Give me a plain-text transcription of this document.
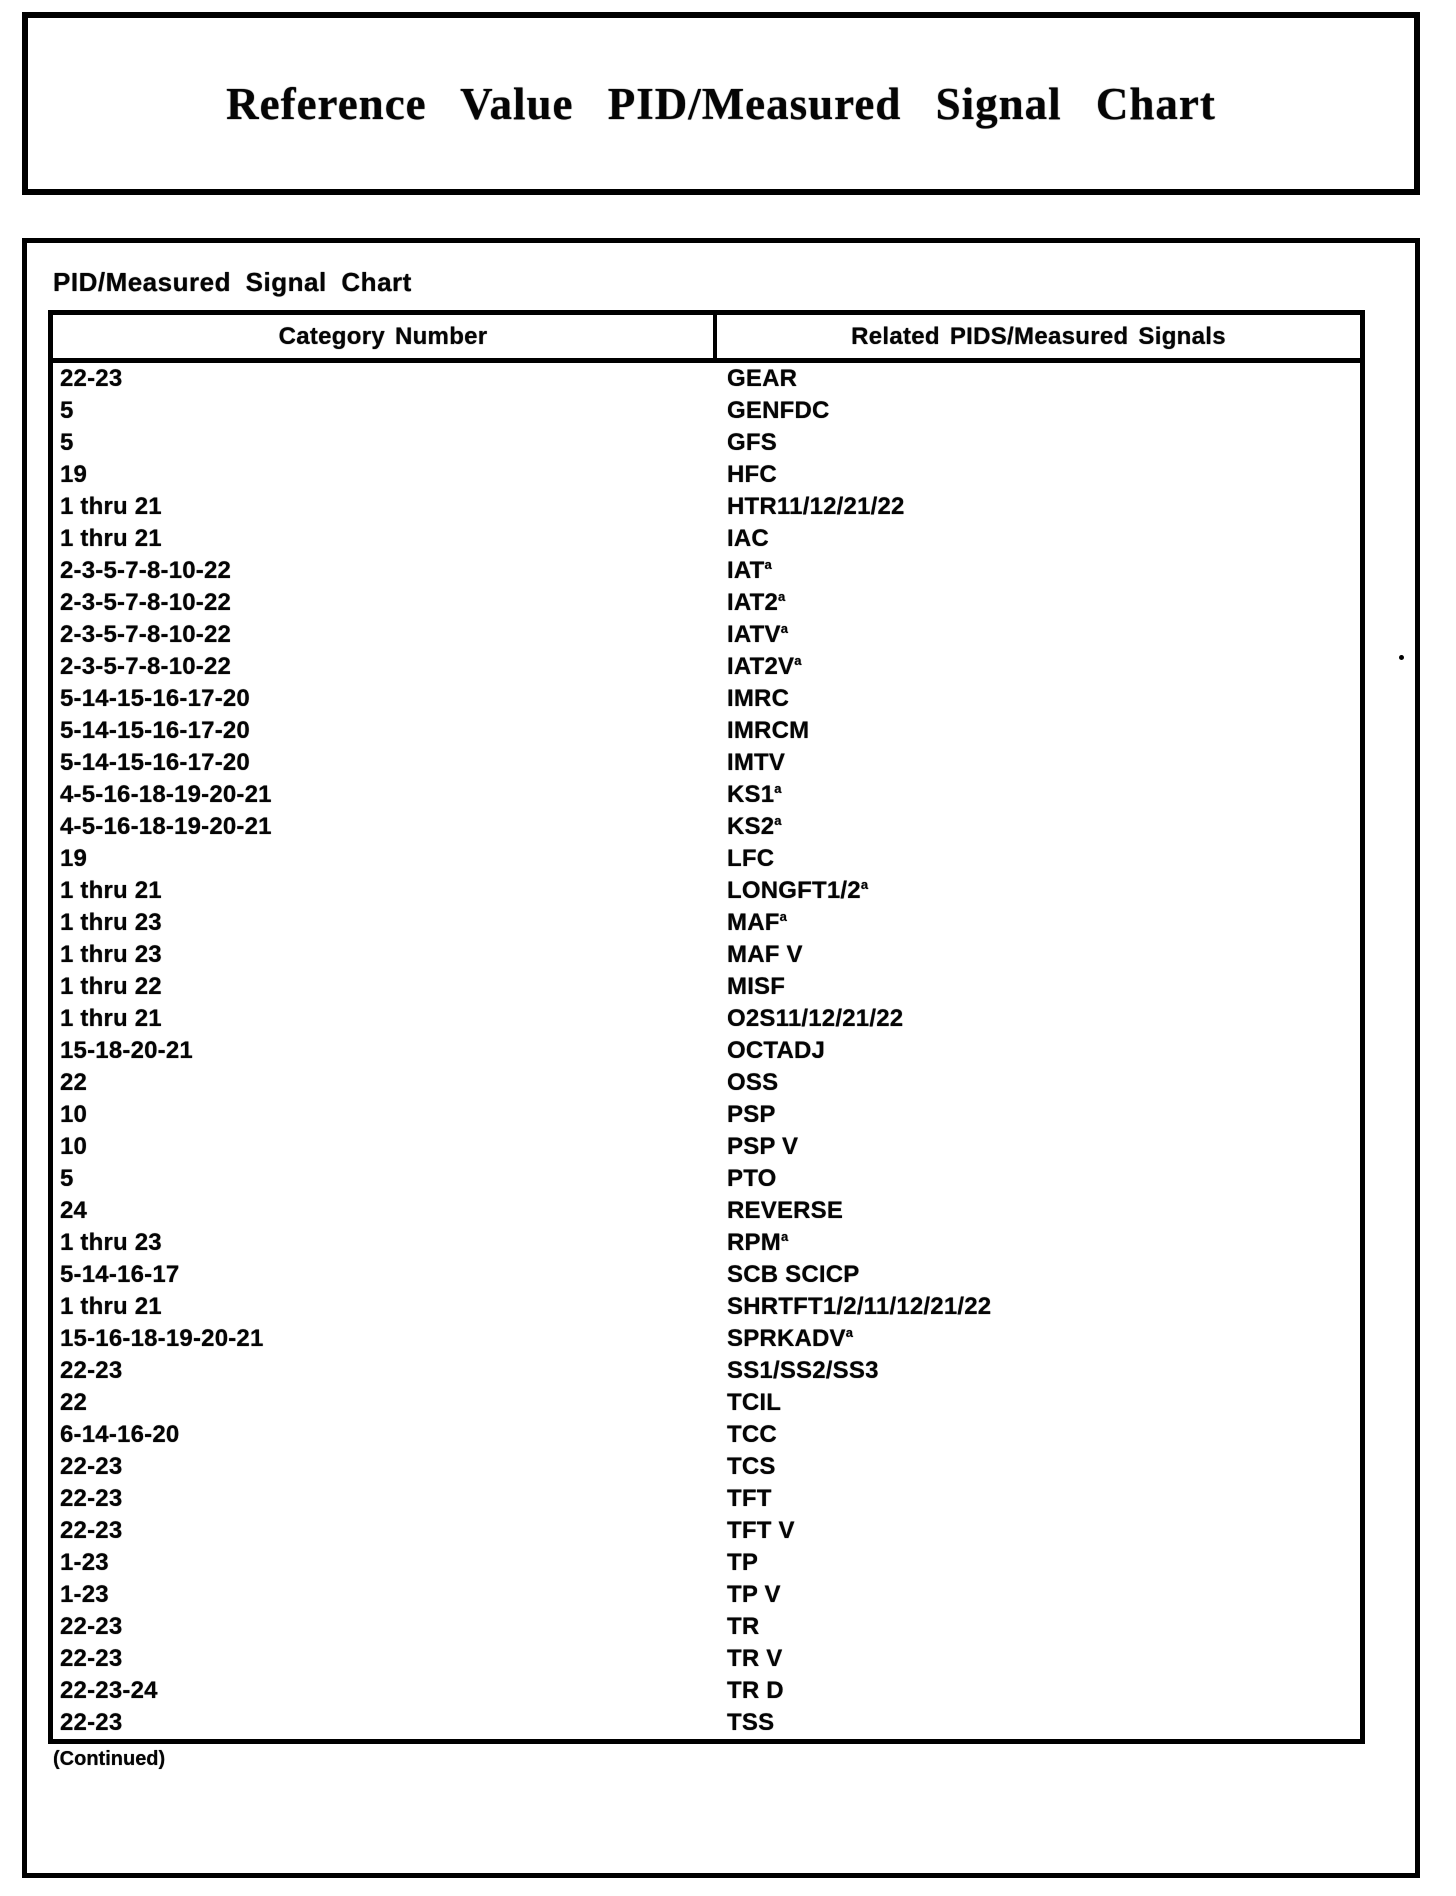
Reference Value PID/Measured Signal Chart
PID/Measured Signal Chart
Category Number	Related PIDS/Measured Signals
22-23	GEAR
5	GENFDC
5	GFS
19	HFC
1 thru 21	HTR11/12/21/22
1 thru 21	IAC
2-3-5-7-8-10-22	IAT$^a$
2-3-5-7-8-10-22	IAT2$^a$
2-3-5-7-8-10-22	IATV$^a$
2-3-5-7-8-10-22	$IAT2V^a$
5-14-15-16-17-20	IMRC
5-14-15-16-17-20	IMRCM
5-14-15-16-17-20	IMTV
4-5-16-18-19-20-21	KS1$^a$
4-5-16-18-19-20-21	KS2$^a$
19	LFC
1 thru 21	LONGFT1/2$^a$
1 thru 23	MAF$^a$
1 thru 23	MAF V
1 thru 22	MISF
1 thru 21	O2S11/12/21/22
15-18-20-21	OCTADJ
22	OSS
10	PSP
10	PSP V
5	PTO
24	REVERSE
1 thru 23	RPM$^a$
5-14-16-17	SCB SCICP
1 thru 21	SHRTFT1/2/11/12/21/22
15-16-18-19-20-21	SPRKADV$^a$
22-23	SS1/SS2/SS3
22	TCIL
6-14-16-20	TCC
22-23	TCS
22-23	TFT
22-23	TFT V
1-23	TP
1-23	TP V
22-23	TR
22-23	TR V
22-23-24	TR D
22-23	TSS
(Continued)
